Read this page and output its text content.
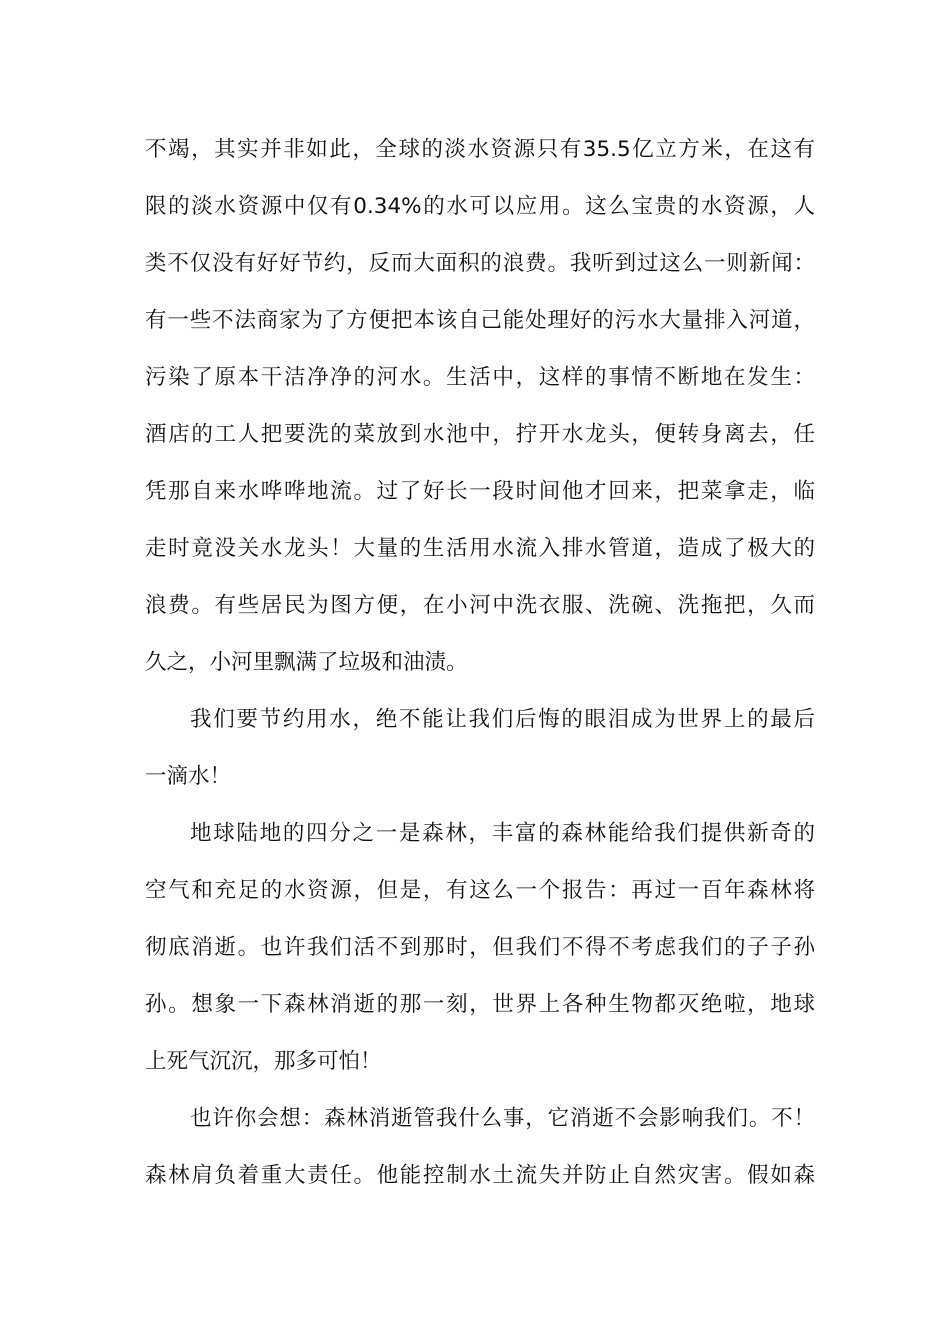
不竭，其实并非如此，全球的淡水资源只有35.5亿立方米，在这有
限的淡水资源中仅有0.34%的水可以应用。这么宝贵的水资源，人
类不仅没有好好节约，反而大面积的浪费。我听到过这么一则新闻：
有一些不法商家为了方便把本该自己能处理好的污水大量排入河道，
污染了原本干洁净净的河水。生活中，这样的事情不断地在发生：
酒店的工人把要洗的菜放到水池中，拧开水龙头，便转身离去，任
凭那自来水哗哗地流。过了好长一段时间他才回来，把菜拿走，临
走时竟没关水龙头！大量的生活用水流入排水管道，造成了极大的
浪费。有些居民为图方便，在小河中洗衣服、洗碗、洗拖把，久而
久之，小河里飘满了垃圾和油渍。
我们要节约用水，绝不能让我们后悔的眼泪成为世界上的最后
一滴水！
地球陆地的四分之一是森林，丰富的森林能给我们提供新奇的
空气和充足的水资源，但是，有这么一个报告：再过一百年森林将
彻底消逝。也许我们活不到那时，但我们不得不考虑我们的子子孙
孙。想象一下森林消逝的那一刻，世界上各种生物都灭绝啦，地球
上死气沉沉，那多可怕！
也许你会想：森林消逝管我什么事，它消逝不会影响我们。不！
森林肩负着重大责任。他能控制水土流失并防止自然灾害。假如森
